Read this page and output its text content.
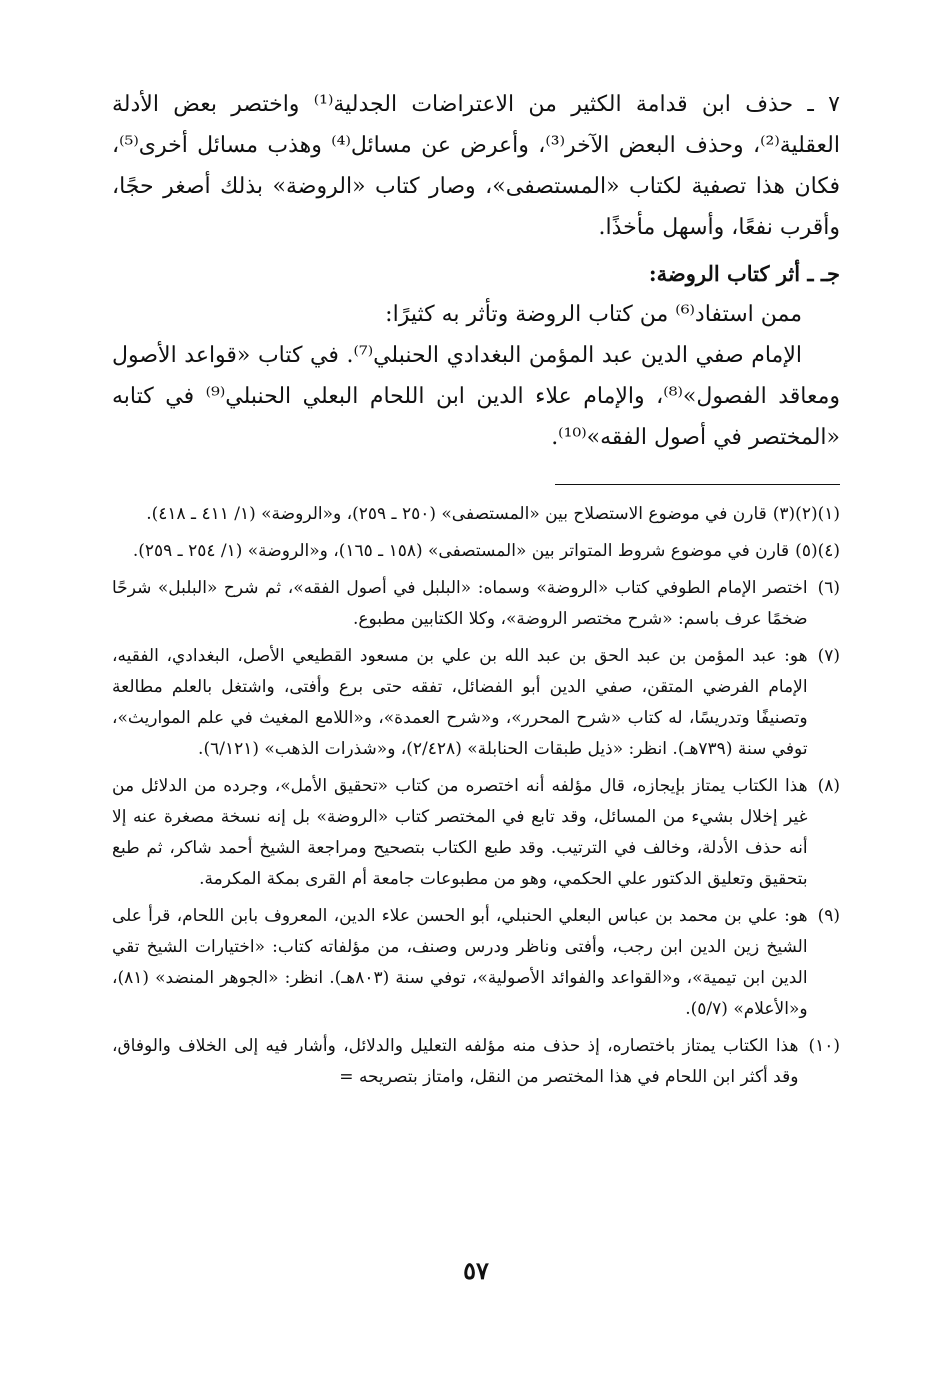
٧ ـ حذف ابن قدامة الكثير من الاعتراضات الجدلية⁽¹⁾ واختصر بعض الأدلة العقلية⁽²⁾، وحذف البعض الآخر⁽³⁾، وأعرض عن مسائل⁽⁴⁾ وهذب مسائل أخرى⁽⁵⁾، فكان هذا تصفية لكتاب «المستصفى»، وصار كتاب «الروضة» بذلك أصغر حجًا، وأقرب نفعًا، وأسهل مأخذًا.

جـ ـ أثر كتاب الروضة:

ممن استفاد⁽⁶⁾ من كتاب الروضة وتأثر به كثيرًا:

الإمام صفي الدين عبد المؤمن البغدادي الحنبلي⁽⁷⁾. في كتاب «قواعد الأصول ومعاقد الفصول»⁽⁸⁾، والإمام علاء الدين ابن اللحام البعلي الحنبلي⁽⁹⁾ في كتابه «المختصر في أصول الفقه»⁽¹⁰⁾.

(١)(٢)(٣)
قارن في موضوع الاستصلاح بين «المستصفى» (٢٥٠ ـ ٢٥٩)، و«الروضة» (١/ ٤١١ ـ ٤١٨).
(٤)(٥)
قارن في موضوع شروط المتواتر بين «المستصفى» (١٥٨ ـ ١٦٥)، و«الروضة» (١/ ٢٥٤ ـ ٢٥٩).
(٦)
اختصر الإمام الطوفي كتاب «الروضة» وسماه: «البلبل في أصول الفقه»، ثم شرح «البلبل» شرحًا ضخمًا عرف باسم: «شرح مختصر الروضة»، وكلا الكتابين مطبوع.
(٧)
هو: عبد المؤمن بن عبد الحق بن عبد الله بن علي بن مسعود القطيعي الأصل، البغدادي، الفقيه، الإمام الفرضي المتقن، صفي الدين أبو الفضائل، تفقه حتى برع وأفتى، واشتغل بالعلم مطالعة وتصنيفًا وتدريسًا، له كتاب «شرح المحرر»، و«شرح العمدة»، و«اللامع المغيث في علم المواريث»، توفي سنة (٧٣٩هـ). انظر: «ذيل طبقات الحنابلة» (٢/٤٢٨)، و«شذرات الذهب» (٦/١٢١).
(٨)
هذا الكتاب يمتاز بإيجازه، قال مؤلفه أنه اختصره من كتاب «تحقيق الأمل»، وجرده من الدلائل من غير إخلال بشيء من المسائل، وقد تابع في المختصر كتاب «الروضة» بل إنه نسخة مصغرة عنه إلا أنه حذف الأدلة، وخالف في الترتيب. وقد طبع الكتاب بتصحيح ومراجعة الشيخ أحمد شاكر، ثم طبع بتحقيق وتعليق الدكتور علي الحكمي، وهو من مطبوعات جامعة أم القرى بمكة المكرمة.
(٩)
هو: علي بن محمد بن عباس البعلي الحنبلي، أبو الحسن علاء الدين، المعروف بابن اللحام، قرأ على الشيخ زين الدين ابن رجب، وأفتى وناظر ودرس وصنف، من مؤلفاته كتاب: «اختيارات الشيخ تقي الدين ابن تيمية»، و«القواعد والفوائد الأصولية»، توفي سنة (٨٠٣هـ). انظر: «الجوهر المنضد» (٨١)، و«الأعلام» (٥/٧).
(١٠)
هذا الكتاب يمتاز باختصاره، إذ حذف منه مؤلفه التعليل والدلائل، وأشار فيه إلى الخلاف والوفاق، وقد أكثر ابن اللحام في هذا المختصر من النقل، وامتاز بتصريحه =
٥٧
